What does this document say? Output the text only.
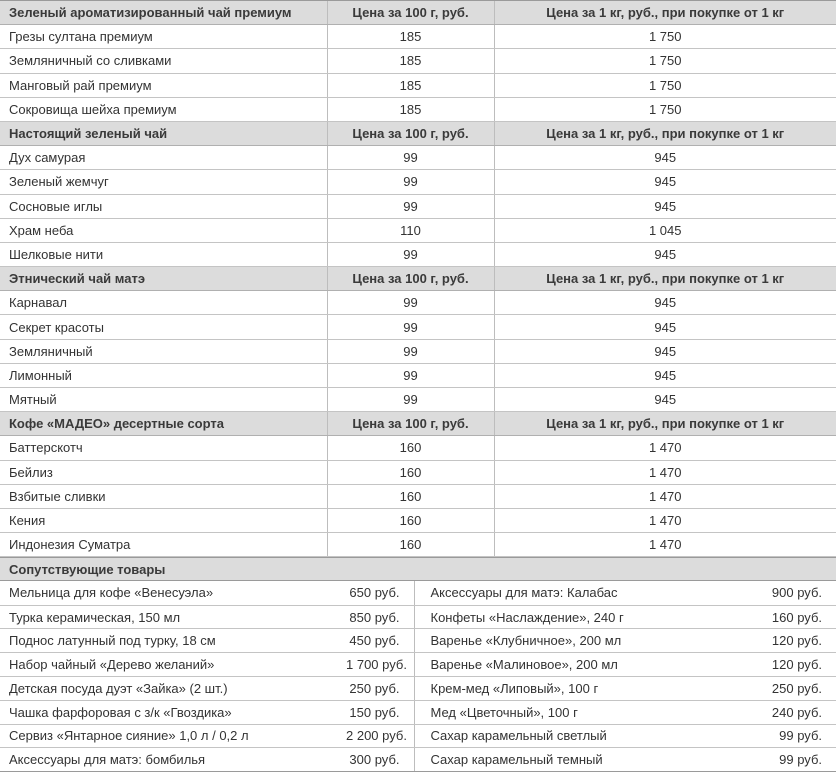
Зеленый ароматизированный чай премиум	Цена за 100 г, руб.	Цена за 1 кг, руб., при покупке от 1 кг
Грезы султана премиум	185	1 750
Земляничный со сливками	185	1 750
Манговый рай премиум	185	1 750
Сокровища шейха премиум	185	1 750
Настоящий зеленый чай	Цена за 100 г, руб.	Цена за 1 кг, руб., при покупке от 1 кг
Дух самурая	99	945
Зеленый жемчуг	99	945
Сосновые иглы	99	945
Храм неба	110	1 045
Шелковые нити	99	945
Этнический чай матэ	Цена за 100 г, руб.	Цена за 1 кг, руб., при покупке от 1 кг
Карнавал	99	945
Секрет красоты	99	945
Земляничный	99	945
Лимонный	99	945
Мятный	99	945
Кофе «МАДЕО» десертные сорта	Цена за 100 г, руб.	Цена за 1 кг, руб., при покупке от 1 кг
Баттерскотч	160	1 470
Бейлиз	160	1 470
Взбитые сливки	160	1 470
Кения	160	1 470
Индонезия Суматра	160	1 470
Сопутствующие товары
Мельница для кофе «Венесуэла»	650 руб.	Аксессуары для матэ: Калабас	900 руб.
Турка керамическая, 150 мл	850 руб.	Конфеты «Наслаждение», 240 г	160 руб.
Поднос латунный под турку, 18 см	450 руб.	Варенье «Клубничное», 200 мл	120 руб.
Набор чайный «Дерево желаний»	1 700 руб.	Варенье «Малиновое», 200 мл	120 руб.
Детская посуда дуэт «Зайка» (2 шт.)	250 руб.	Крем-мед «Липовый», 100 г	250 руб.
Чашка фарфоровая с з/к «Гвоздика»	150 руб.	Мед «Цветочный», 100 г	240 руб.
Сервиз «Янтарное сияние» 1,0 л / 0,2 л	2 200 руб.	Сахар карамельный светлый	99 руб.
Аксессуары для матэ: бомбилья	300 руб.	Сахар карамельный темный	99 руб.
